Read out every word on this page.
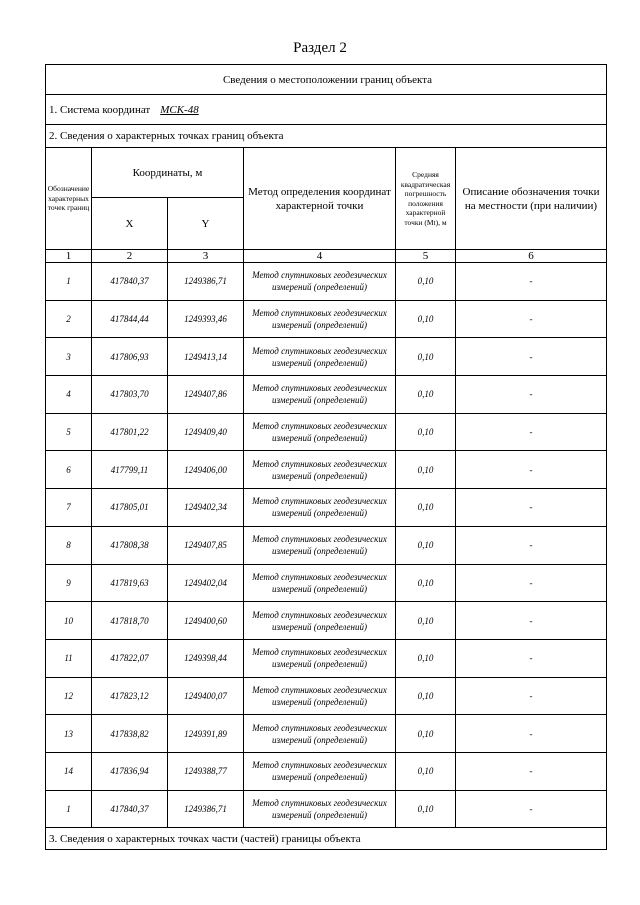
Раздел 2
Сведения о местоположении границ объекта					
1. Система координат МСК-48					
2. Сведения о характерных точках границ объекта					
Обозначение характерных точек границ	Координаты, м		Метод определения координат характерной точки	Средняя квадратическая погрешность положения характерной точки (Mt), м	Описание обозначения точки на местности (при наличии)
	X	Y			
1	2	3	4	5	6
1	417840,37	1249386,71	Метод спутниковых геодезических измерений (определений)	0,10	-
2	417844,44	1249393,46	Метод спутниковых геодезических измерений (определений)	0,10	-
3	417806,93	1249413,14	Метод спутниковых геодезических измерений (определений)	0,10	-
4	417803,70	1249407,86	Метод спутниковых геодезических измерений (определений)	0,10	-
5	417801,22	1249409,40	Метод спутниковых геодезических измерений (определений)	0,10	-
6	417799,11	1249406,00	Метод спутниковых геодезических измерений (определений)	0,10	-
7	417805,01	1249402,34	Метод спутниковых геодезических измерений (определений)	0,10	-
8	417808,38	1249407,85	Метод спутниковых геодезических измерений (определений)	0,10	-
9	417819,63	1249402,04	Метод спутниковых геодезических измерений (определений)	0,10	-
10	417818,70	1249400,60	Метод спутниковых геодезических измерений (определений)	0,10	-
11	417822,07	1249398,44	Метод спутниковых геодезических измерений (определений)	0,10	-
12	417823,12	1249400,07	Метод спутниковых геодезических измерений (определений)	0,10	-
13	417838,82	1249391,89	Метод спутниковых геодезических измерений (определений)	0,10	-
14	417836,94	1249388,77	Метод спутниковых геодезических измерений (определений)	0,10	-
1	417840,37	1249386,71	Метод спутниковых геодезических измерений (определений)	0,10	-
3. Сведения о характерных точках части (частей) границы объекта					
